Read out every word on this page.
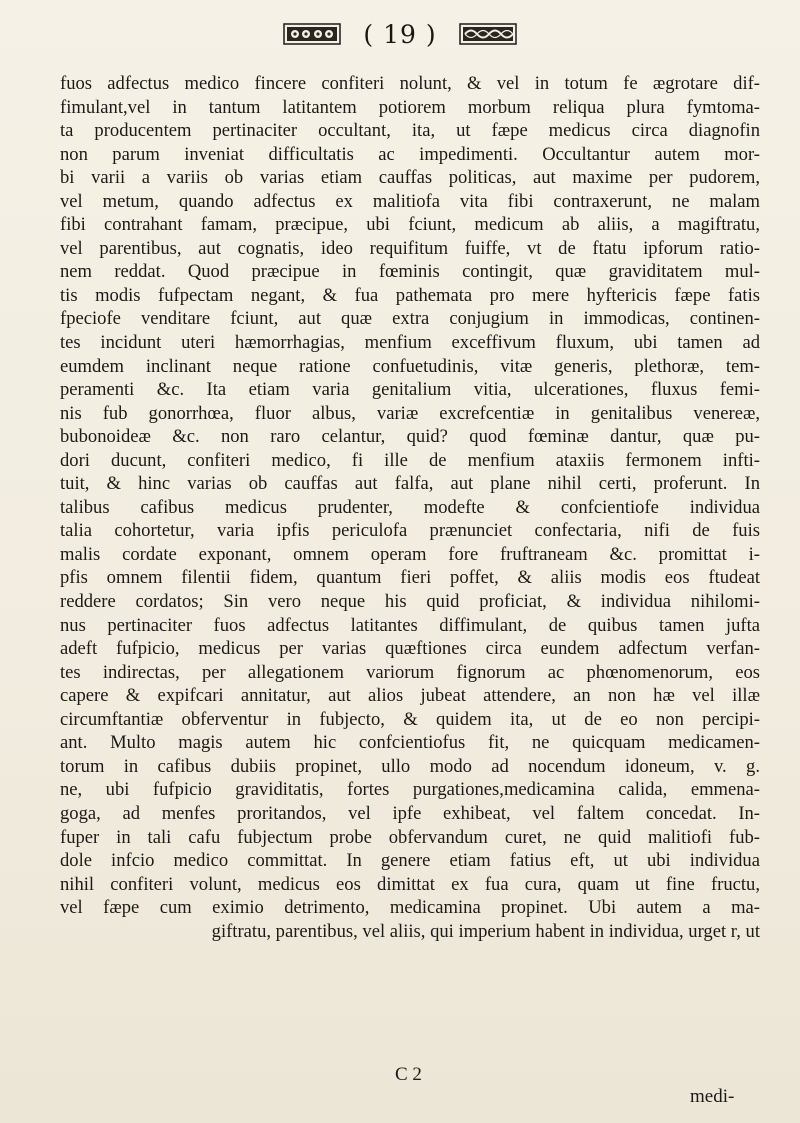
( 19 )
fuos adfectus medico fincere confiteri nolunt, & vel in totum fe ægrotare dif-
fimulant,vel in tantum latitantem potiorem morbum reliqua plura fymtoma-
ta producentem pertinaciter occultant, ita, ut fæpe medicus circa diagnofin
non parum inveniat difficultatis ac impedimenti. Occultantur autem mor-
bi varii a variis ob varias etiam cauffas politicas, aut maxime per pudorem,
vel metum, quando adfectus ex malitiofa vita fibi contraxerunt, ne malam
fibi contrahant famam, præcipue, ubi fciunt, medicum ab aliis, a magiftratu,
vel parentibus, aut cognatis, ideo requifitum fuiffe, vt de ftatu ipforum ratio-
nem reddat. Quod præcipue in fœminis contingit, quæ graviditatem mul-
tis modis fufpectam negant, & fua pathemata pro mere hyftericis fæpe fatis
fpeciofe venditare fciunt, aut quæ extra conjugium in immodicas, continen-
tes incidunt uteri hæmorrhagias, menfium exceffivum fluxum, ubi tamen ad
eumdem inclinant neque ratione confuetudinis, vitæ generis, plethoræ, tem-
peramenti &c. Ita etiam varia genitalium vitia, ulcerationes, fluxus femi-
nis fub gonorrhœa, fluor albus, variæ excrefcentiæ in genitalibus venereæ,
bubonoideæ &c. non raro celantur, quid? quod fœminæ dantur, quæ pu-
dori ducunt, confiteri medico, fi ille de menfium ataxiis fermonem infti-
tuit, & hinc varias ob cauffas aut falfa, aut plane nihil certi, proferunt. In
talibus cafibus medicus prudenter, modefte & confcientiofe individua
talia cohortetur, varia ipfis periculofa prænunciet confectaria, nifi de fuis
malis cordate exponant, omnem operam fore fruftraneam &c. promittat i-
pfis omnem filentii fidem, quantum fieri poffet, & aliis modis eos ftudeat
reddere cordatos; Sin vero neque his quid proficiat, & individua nihilomi-
nus pertinaciter fuos adfectus latitantes diffimulant, de quibus tamen jufta
adeft fufpicio, medicus per varias quæftiones circa eundem adfectum verfan-
tes indirectas, per allegationem variorum fignorum ac phœnomenorum, eos
capere & expifcari annitatur, aut alios jubeat attendere, an non hæ vel illæ
circumftantiæ obferventur in fubjecto, & quidem ita, ut de eo non percipi-
ant. Multo magis autem hic confcientiofus fit, ne quicquam medicamen-
torum in cafibus dubiis propinet, ullo modo ad nocendum idoneum, v. g.
ne, ubi fufpicio graviditatis, fortes purgationes,medicamina calida, emmena-
goga, ad menfes proritandos, vel ipfe exhibeat, vel faltem concedat. In-
fuper in tali cafu fubjectum probe obfervandum curet, ne quid malitiofi fub-
dole infcio medico committat. In genere etiam fatius eft, ut ubi individua
nihil confiteri volunt, medicus eos dimittat ex fua cura, quam ut fine fructu,
vel fæpe cum eximio detrimento, medicamina propinet. Ubi autem a ma-
giftratu, parentibus, vel aliis, qui imperium habent in individua, urget r, ut
C 2
medi-
